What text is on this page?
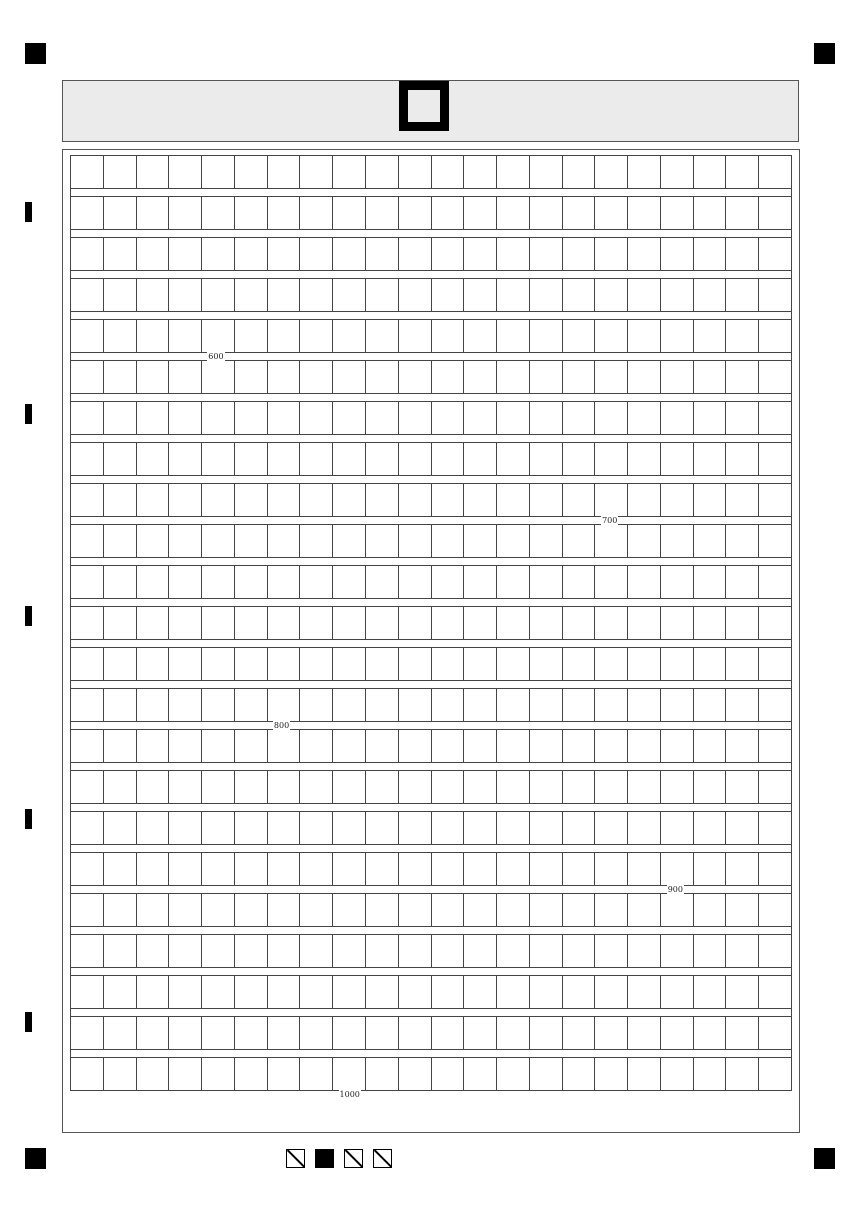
600
700
800
900
1000
